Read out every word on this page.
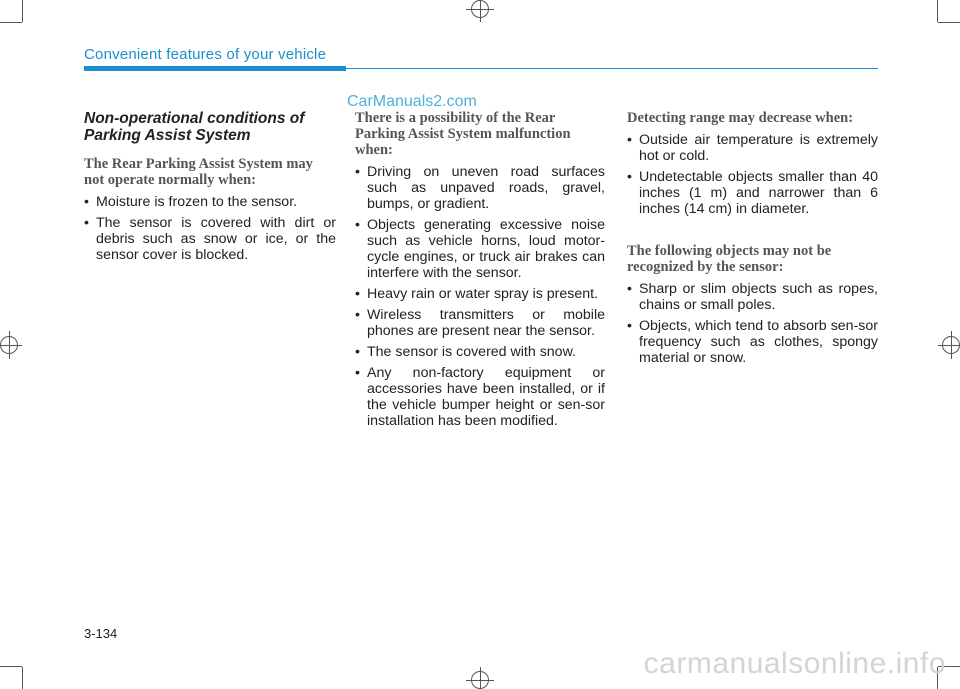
Convenient features of your vehicle
CarManuals2.com
Non-operational conditions of Parking Assist System
The Rear Parking Assist System may not operate normally when:
• Moisture is frozen to the sensor.
• The sensor is covered with dirt or debris such as snow or ice, or the sensor cover is blocked.
There is a possibility of the Rear Parking Assist System malfunction when:
• Driving on uneven road surfaces such as unpaved roads, gravel, bumps, or gradient.
• Objects generating excessive noise such as vehicle horns, loud motor-cycle engines, or truck air brakes can interfere with the sensor.
• Heavy rain or water spray is present.
• Wireless transmitters or mobile phones are present near the sensor.
• The sensor is covered with snow.
• Any non-factory equipment or accessories have been installed, or if the vehicle bumper height or sen-sor installation has been modified.
Detecting range may decrease when:
• Outside air temperature is extremely hot or cold.
• Undetectable objects smaller than 40 inches (1 m) and narrower than 6 inches (14 cm) in diameter.
The following objects may not be recognized by the sensor:
• Sharp or slim objects such as ropes, chains or small poles.
• Objects, which tend to absorb sen-sor frequency such as clothes, spongy material or snow.
3-134
carmanualsonline.info
